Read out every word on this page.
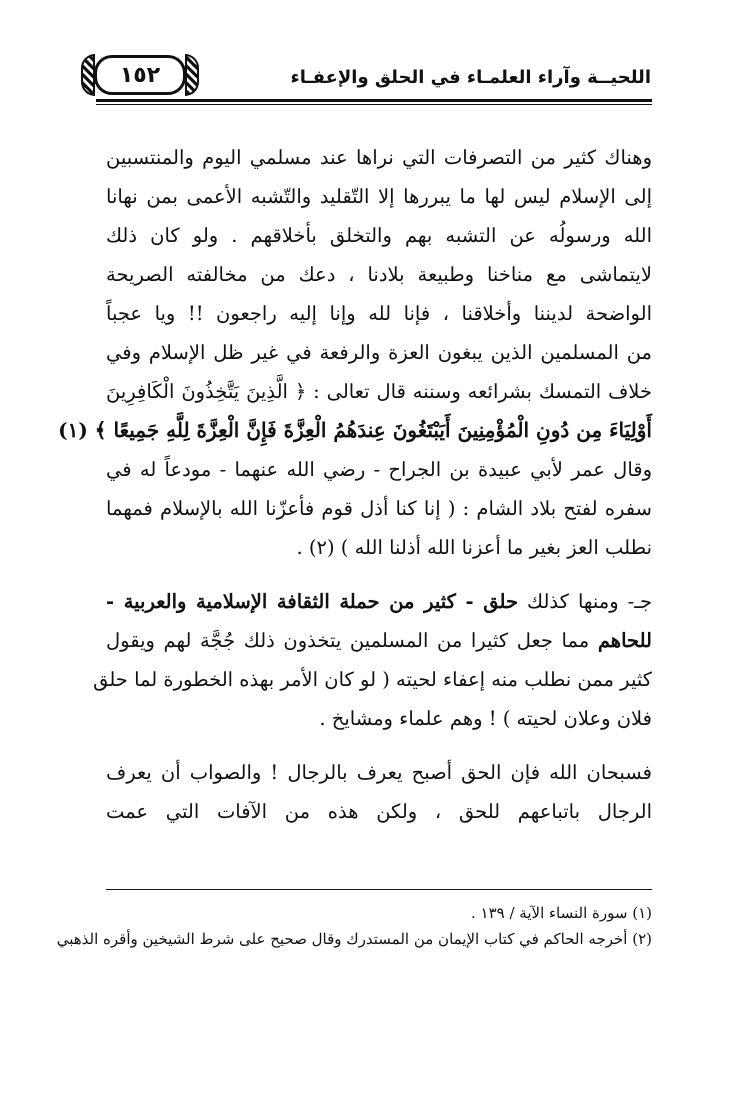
اللحيــة وآراء العلمـاء في الحلق والإعفـاء
١٥٢
وهناك كثير من التصرفات التي نراها عند مسلمي اليوم والمنتسبين
إلى الإسلام ليس لها ما يبررها إلا التّقليد والتّشبه الأعمى بمن نهانا
الله ورسولُه عن التشبه بهم والتخلق بأخلاقهم . ولو كان ذلك
لايتماشى مع مناخنا وطبيعة بلادنا ، دعك من مخالفته الصريحة
الواضحة لديننا وأخلاقنا ، فإنا لله وإنا إليه راجعون !! ويا عجباً
من المسلمين الذين يبغون العزة والرفعة في غير ظل الإسلام وفي
خلاف التمسك بشرائعه وسننه قال تعالى : ﴿ الَّذِينَ يَتَّخِذُونَ الْكَافِرِينَ
أَوْلِيَاءَ مِن دُونِ الْمُؤْمِنِينَ أَيَبْتَغُونَ عِندَهُمُ الْعِزَّةَ فَإِنَّ الْعِزَّةَ لِلَّهِ جَمِيعًا ﴾ (١)
وقال عمر لأبي عبيدة بن الجراح - رضي الله عنهما - مودعاً له في
سفره لفتح بلاد الشام : ( إنا كنا أذل قوم فأعزّنا الله بالإسلام فمهما
نطلب العز بغير ما أعزنا الله أذلنا الله ) (٢) .
جـ- ومنها كذلك حلق - كثير من حملة الثقافة الإسلامية والعربية -
للحاهم مما جعل كثيرا من المسلمين يتخذون ذلك جُجَّة لهم ويقول
كثير ممن نطلب منه إعفاء لحيته ( لو كان الأمر بهذه الخطورة لما حلق
فلان وعلان لحيته ) ! وهم علماء ومشايخ .
فسبحان الله فإن الحق أصبح يعرف بالرجال ! والصواب أن يعرف
الرجال باتباعهم للحق ، ولكن هذه من الآفات التي عمت
(١) سورة النساء الآية / ١٣٩ .
(٢) أخرجه الحاكم في كتاب الإيمان من المستدرك وقال صحيح على شرط الشيخين وأقره الذهبي
